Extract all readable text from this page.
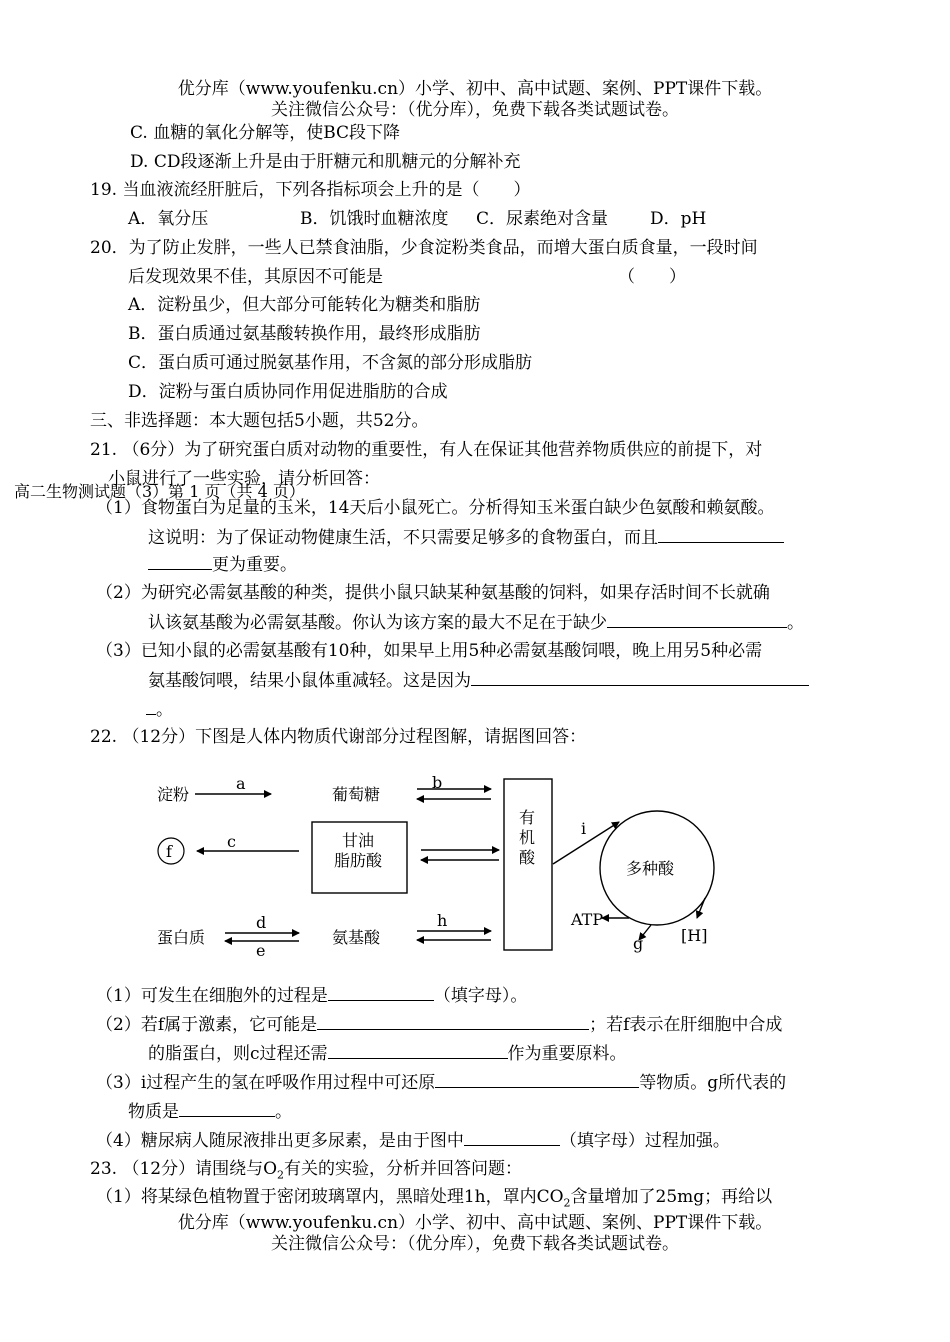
优分库（www.youfenku.cn）小学、初中、高中试题、案例、PPT课件下载。
关注微信公众号：（优分库），免费下载各类试题试卷。
C. 血糖的氧化分解等，使BC段下降
D. CD段逐渐上升是由于肝糖元和肌糖元的分解补充
19. 当血液流经肝脏后，下列各指标项会上升的是（　　）
A．氧分压	B．饥饿时血糖浓度 C．尿素绝对含量 D．pH
20．为了防止发胖，一些人已禁食油脂，少食淀粉类食品，而增大蛋白质食量，一段时间
后发现效果不佳，其原因不可能是	（　　）
A．淀粉虽少，但大部分可能转化为糖类和脂肪
B．蛋白质通过氨基酸转换作用，最终形成脂肪
C．蛋白质可通过脱氨基作用，不含氮的部分形成脂肪
D．淀粉与蛋白质协同作用促进脂肪的合成
三、非选择题：本大题包括5小题，共52分。
21. （6分）为了研究蛋白质对动物的重要性，有人在保证其他营养物质供应的前提下，对
小鼠进行了一些实验，请分析回答：
高二生物测试题（3）第 1 页（共 4 页）
（1）食物蛋白为足量的玉米，14天后小鼠死亡。分析得知玉米蛋白缺少色氨酸和赖氨酸。
这说明：为了保证动物健康生活，不只需要足够多的食物蛋白，而且
更为重要。
（2）为研究必需氨基酸的种类，提供小鼠只缺某种氨基酸的饲料，如果存活时间不长就确
认该氨基酸为必需氨基酸。你认为该方案的最大不足在于缺少	。
（3）已知小鼠的必需氨基酸有10种，如果早上用5种必需氨基酸饲喂，晚上用另5种必需
氨基酸饲喂，结果小鼠体重减轻。这是因为
。
22. （12分）下图是人体内物质代谢部分过程图解，请据图回答：
淀粉
a
葡萄糖
b
有
机
酸
f
c	甘油
脂肪酸
i
多种酸
ATP
g [H]
蛋白质
d
e
氨基酸
h
（1）可发生在细胞外的过程是	（填字母）。
（2）若f属于激素，它可能是	；若f表示在肝细胞中合成
的脂蛋白，则c过程还需	作为重要原料。
（3）i过程产生的氢在呼吸作用过程中可还原	等物质。g所代表的
物质是	。
（4）糖尿病人随尿液排出更多尿素，是由于图中	（填字母）过程加强。
23. （12分）请围绕与$O_2$有关的实验，分析并回答问题：
（1）将某绿色植物置于密闭玻璃罩内，黑暗处理1h，罩内$CO_2$含量增加了25mg；再给以
优分库（www.youfenku.cn）小学、初中、高中试题、案例、PPT课件下载。
关注微信公众号：（优分库），免费下载各类试题试卷。
